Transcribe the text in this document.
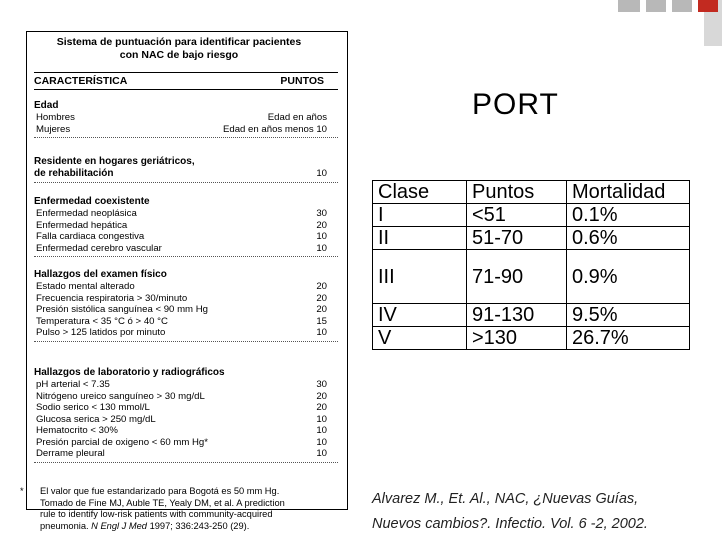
Sistema de puntuación para identificar pacientes
con NAC de bajo riesgo
CARACTERÍSTICA	PUNTOS
* El valor que fue estandarizado para Bogotá es 50 mm Hg.
Tomado de Fine MJ, Auble TE, Yealy DM, et al. A prediction
rule to identify low-risk patients with community-acquired
pneumonia. N Engl J Med 1997; 336:243-250 (29).
Edad
Hombres	Edad en años
Mujeres	Edad en años menos 10
Residente en hogares geriátricos,
de rehabilitación	10
Enfermedad coexistente
Enfermedad neoplásica	30
Enfermedad hepática	20
Falla cardiaca congestiva	10
Enfermedad cerebro vascular	10
Hallazgos del examen físico
Estado mental alterado	20
Frecuencia respiratoria > 30/minuto	20
Presión sistólica sanguínea < 90 mm Hg	20
Temperatura < 35 °C ó > 40 °C	15
Pulso > 125 latidos por minuto	10
Hallazgos de laboratorio y radiográficos
pH arterial < 7.35	30
Nitrógeno ureico sanguíneo > 30 mg/dL	20
Sodio serico < 130 mmol/L	20
Glucosa serica > 250 mg/dL	10
Hematocrito < 30%	10
Presión parcial de oxigeno < 60 mm Hg*	10
Derrame pleural	10
PORT
Clase	Puntos	Mortalidad
I	<51	0.1%
II	51-70	0.6%
III	71-90	0.9%
IV	91-130	9.5%
V	>130	26.7%
Alvarez M., Et. Al., NAC, ¿Nuevas Guías,
Nuevos cambios?. Infectio. Vol. 6 -2, 2002.
